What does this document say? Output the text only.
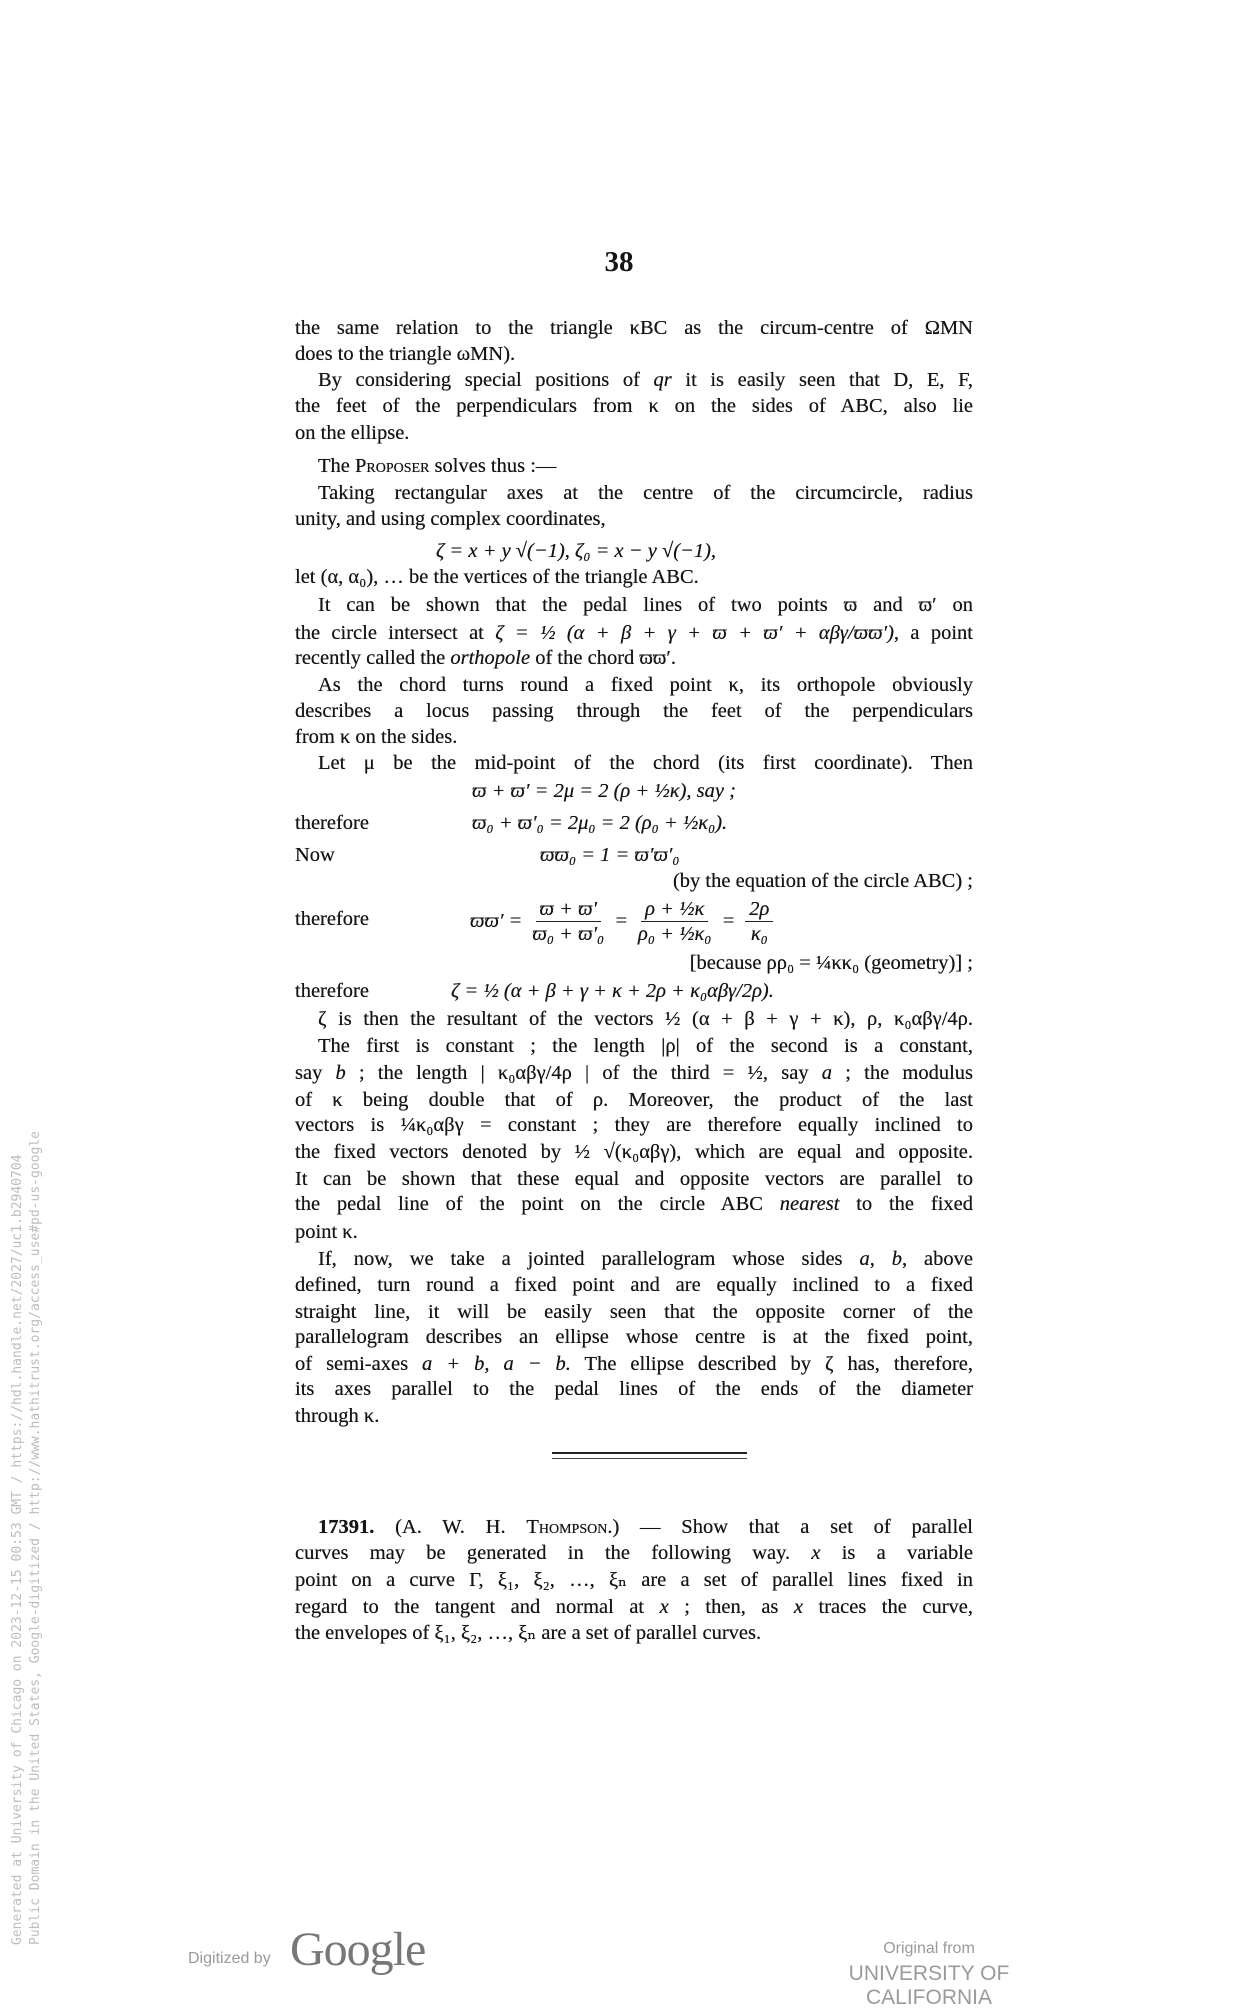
38
the same relation to the triangle κBC as the circum-centre of ΩMN
does to the triangle ωMN).
By considering special positions of qr it is easily seen that D, E, F,
the feet of the perpendiculars from κ on the sides of ABC, also lie
on the ellipse.
The Proposer solves thus :—
Taking rectangular axes at the centre of the circumcircle, radius
unity, and using complex coordinates,
ζ = x + y √(−1), ζ₀ = x − y √(−1),
let (α, α₀), … be the vertices of the triangle ABC.
It can be shown that the pedal lines of two points ϖ and ϖ′ on
the circle intersect at ζ = ½ (α + β + γ + ϖ + ϖ′ + αβγ/ϖϖ′), a point
recently called the orthopole of the chord ϖϖ′.
As the chord turns round a fixed point κ, its orthopole obviously
describes a locus passing through the feet of the perpendiculars
from κ on the sides.
Let μ be the mid-point of the chord (its first coordinate). Then
ϖ + ϖ′ = 2μ = 2 (ρ + ½κ), say ;
therefore	ϖ₀ + ϖ′₀ = 2μ₀ = 2 (ρ₀ + ½κ₀).
Now	ϖϖ₀ = 1 = ϖ′ϖ′₀
(by the equation of the circle ABC) ;
therefore	$ϖϖ' = \frac{ϖ + ϖ'}{\text{ϖ₀ + ϖ′₀}} = \frac{\text{ρ + ½κ}}{\text{ρ₀ + ½κ₀}} = \frac{2\rho}{\text{κ₀}}$
[because ρρ₀ = ¼κκ₀ (geometry)] ;
therefore	ζ = ½ (α + β + γ + κ + 2ρ + κ₀αβγ/2ρ).
ζ is then the resultant of the vectors ½ (α + β + γ + κ), ρ, κ₀αβγ/4ρ.
The first is constant ; the length |ρ| of the second is a constant,
say b ; the length | κ₀αβγ/4ρ | of the third = ½, say a ; the modulus
of κ being double that of ρ. Moreover, the product of the last
vectors is ¼κ₀αβγ = constant ; they are therefore equally inclined to
the fixed vectors denoted by ½ √(κ₀αβγ), which are equal and opposite.
It can be shown that these equal and opposite vectors are parallel to
the pedal line of the point on the circle ABC nearest to the fixed
point κ.
If, now, we take a jointed parallelogram whose sides a, b, above
defined, turn round a fixed point and are equally inclined to a fixed
straight line, it will be easily seen that the opposite corner of the
parallelogram describes an ellipse whose centre is at the fixed point,
of semi-axes a + b, a − b. The ellipse described by ζ has, therefore,
its axes parallel to the pedal lines of the ends of the diameter
through κ.
17391. (A. W. H. Thompson.) — Show that a set of parallel
curves may be generated in the following way. x is a variable
point on a curve Γ, ξ₁, ξ₂, …, ξₙ are a set of parallel lines fixed in
regard to the tangent and normal at x ; then, as x traces the curve,
the envelopes of ξ₁, ξ₂, …, ξₙ are a set of parallel curves.
Generated at University of Chicago on 2023-12-15 00:53 GMT / https://hdl.handle.net/2027/uc1.b2940704 Public Domain in the United States, Google-digitized / http://www.hathitrust.org/access_use#pd-us-google
Digitized by Google	Original from
UNIVERSITY OF CALIFORNIA
